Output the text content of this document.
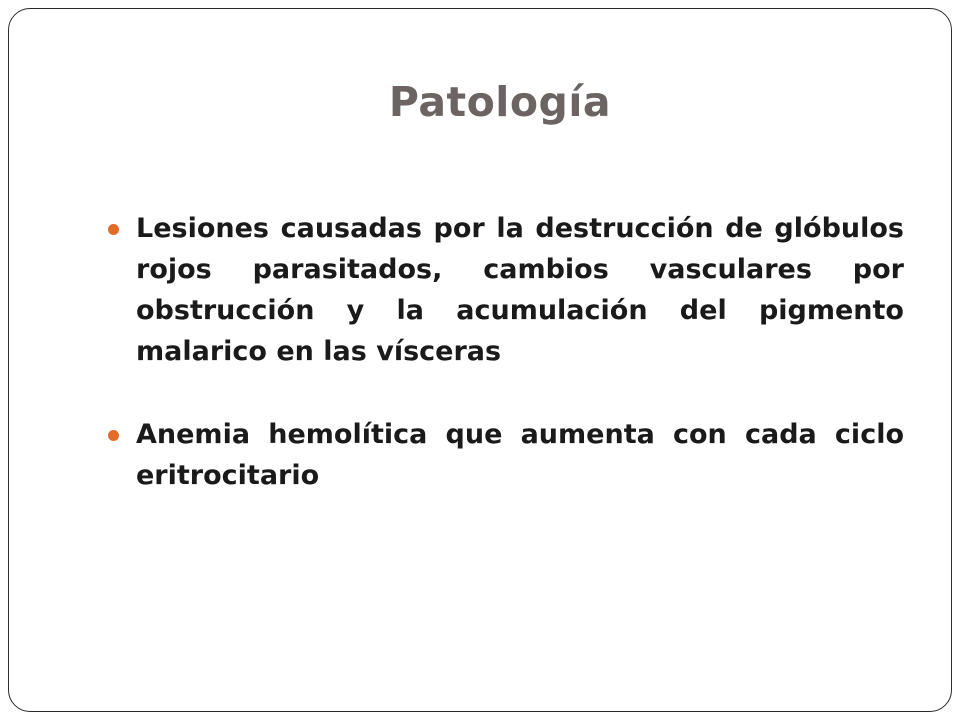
Patología
Lesiones causadas por la destrucción de glóbulos rojos parasitados, cambios vasculares por obstrucción y la acumulación del pigmento malarico en las vísceras
Anemia hemolítica que aumenta con cada ciclo eritrocitario
